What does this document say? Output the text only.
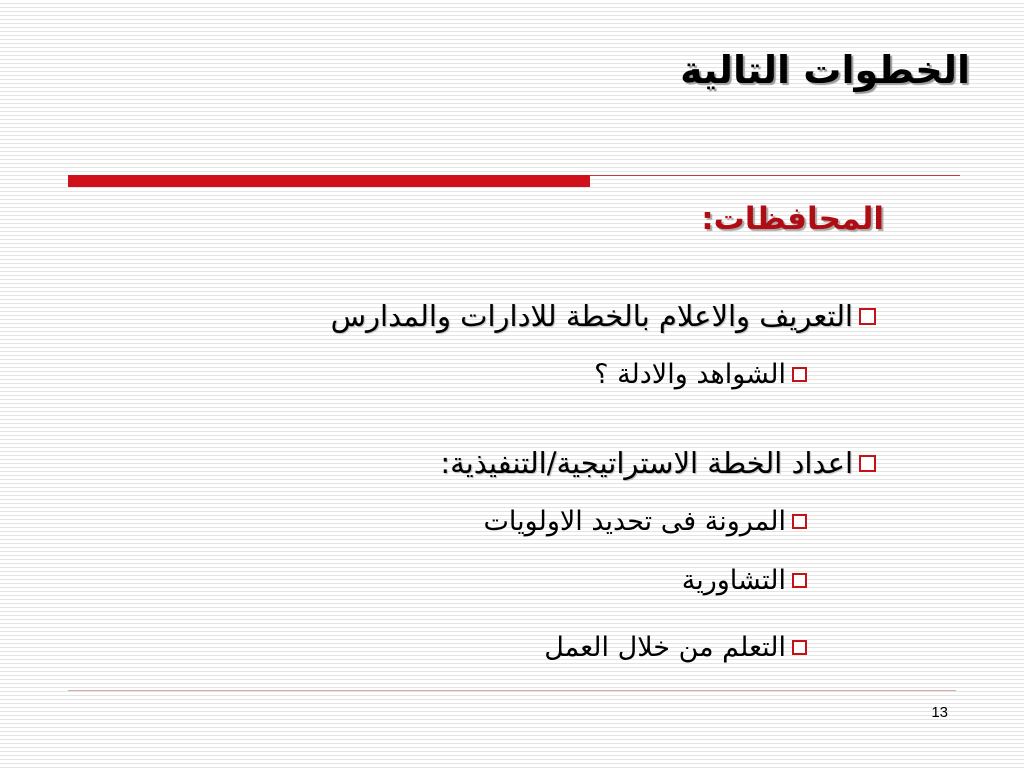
الخطوات التالية
المحافظات:
التعريف والاعلام بالخطة للادارات والمدارس
الشواهد والادلة ؟
اعداد الخطة الاستراتيجية/التنفيذية:
المرونة فى تحديد الاولويات
التشاورية
التعلم من خلال العمل
13
